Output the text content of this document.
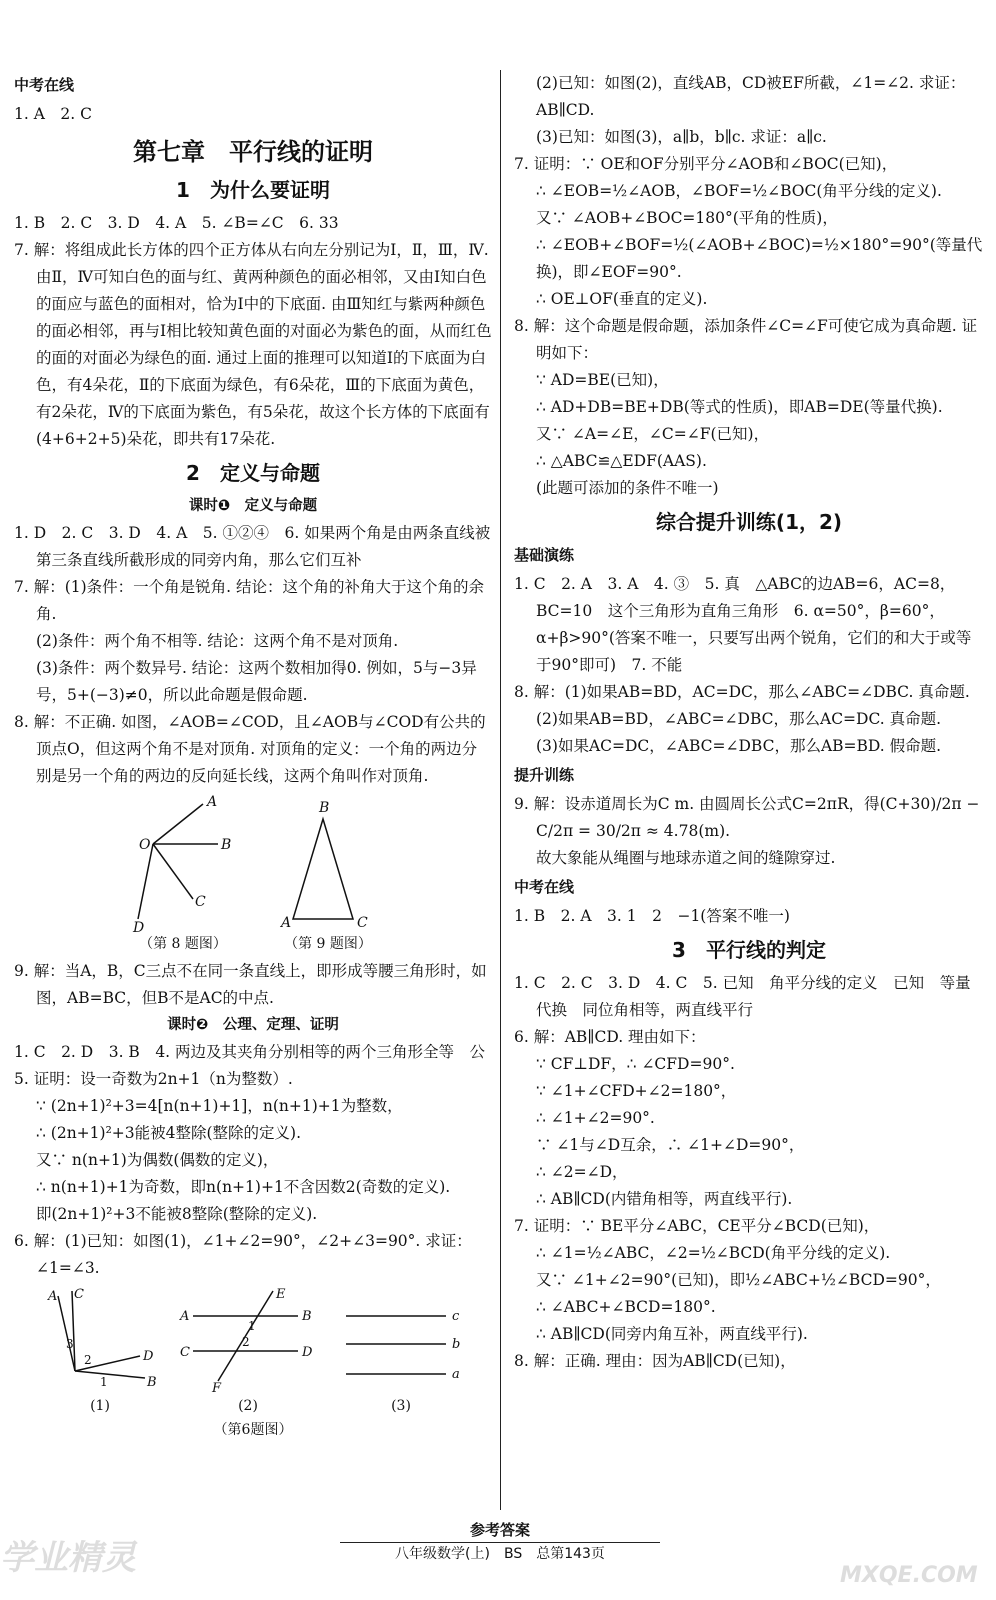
中考在线

1. A　2. C

第七章　平行线的证明
1　为什么要证明

1. B　2. C　3. D　4. A　5. ∠B=∠C　6. 33

7. 解：将组成此长方体的四个正方体从右向左分别记为Ⅰ，Ⅱ，Ⅲ，Ⅳ. 由Ⅱ，Ⅳ可知白色的面与红、黄两种颜色的面必相邻，又由Ⅰ知白色的面应与蓝色的面相对，恰为Ⅰ中的下底面. 由Ⅲ知红与紫两种颜色的面必相邻，再与Ⅰ相比较知黄色面的对面必为紫色的面，从而红色的面的对面必为绿色的面. 通过上面的推理可以知道Ⅰ的下底面为白色，有4朵花，Ⅱ的下底面为绿色，有6朵花，Ⅲ的下底面为黄色，有2朵花，Ⅳ的下底面为紫色，有5朵花，故这个长方体的下底面有(4+6+2+5)朵花，即共有17朵花.

2　定义与命题
课时❶　定义与命题

1. D　2. C　3. D　4. A　5. ①②④　6. 如果两个角是由两条直线被第三条直线所截形成的同旁内角，那么它们互补

7. 解：(1)条件：一个角是锐角. 结论：这个角的补角大于这个角的余角.

(2)条件：两个角不相等. 结论：这两个角不是对顶角.

(3)条件：两个数异号. 结论：这两个数相加得0. 例如，5与−3异号，5+(−3)≠0，所以此命题是假命题.

8. 解：不正确. 如图，∠AOB=∠COD，且∠AOB与∠COD有公共的顶点O，但这两个角不是对顶角. 对顶角的定义：一个角的两边分别是另一个角的两边的反向延长线，这两个角叫作对顶角.

A
B
O
C
D
（第 8 题图）
B
A	C
（第 9 题图）

9. 解：当A，B，C三点不在同一条直线上，即形成等腰三角形时，如图，AB=BC，但B不是AC的中点.

课时❷　公理、定理、证明

1. C　2. D　3. B　4. 两边及其夹角分别相等的两个三角形全等　公

5. 证明：设一奇数为2n+1（n为整数）.

∵ (2n+1)²+3=4[n(n+1)+1]，n(n+1)+1为整数，

∴ (2n+1)²+3能被4整除(整除的定义).

又∵ n(n+1)为偶数(偶数的定义)，

∴ n(n+1)+1为奇数，即n(n+1)+1不含因数2(奇数的定义).

即(2n+1)²+3不能被8整除(整除的定义).

6. 解：(1)已知：如图(1)，∠1+∠2=90°，∠2+∠3=90°. 求证：∠1=∠3.

A C
D
B
3
2
1
(1)
A	B
C	D
E
F
1
2
(2)
c
b
a
(3)
（第6题图）

(2)已知：如图(2)，直线AB，CD被EF所截，∠1=∠2. 求证：AB∥CD.

(3)已知：如图(3)，a∥b，b∥c. 求证：a∥c.

7. 证明：∵ OE和OF分别平分∠AOB和∠BOC(已知)，

∴ ∠EOB=½∠AOB，∠BOF=½∠BOC(角平分线的定义).

又∵ ∠AOB+∠BOC=180°(平角的性质)，

∴ ∠EOB+∠BOF=½(∠AOB+∠BOC)=½×180°=90°(等量代换)，即∠EOF=90°.

∴ OE⊥OF(垂直的定义).

8. 解：这个命题是假命题，添加条件∠C=∠F可使它成为真命题. 证明如下：

∵ AD=BE(已知)，

∴ AD+DB=BE+DB(等式的性质)，即AB=DE(等量代换).

又∵ ∠A=∠E，∠C=∠F(已知)，

∴ △ABC≌△EDF(AAS).

(此题可添加的条件不唯一)

综合提升训练(1，2)
基础演练

1. C　2. A　3. A　4. ③　5. 真　△ABC的边AB=6，AC=8，BC=10　这个三角形为直角三角形　6. α=50°，β=60°，α+β>90°(答案不唯一，只要写出两个锐角，它们的和大于或等于90°即可)　7. 不能

8. 解：(1)如果AB=BD，AC=DC，那么∠ABC=∠DBC. 真命题.

(2)如果AB=BD，∠ABC=∠DBC，那么AC=DC. 真命题.

(3)如果AC=DC，∠ABC=∠DBC，那么AB=BD. 假命题.

提升训练

9. 解：设赤道周长为C m. 由圆周长公式C=2πR，得(C+30)/2π − C/2π = 30/2π ≈ 4.78(m).

故大象能从绳圈与地球赤道之间的缝隙穿过.

中考在线

1. B　2. A　3. 1　2　−1(答案不唯一)

3　平行线的判定

1. C　2. C　3. D　4. C　5. 已知　角平分线的定义　已知　等量代换　同位角相等，两直线平行

6. 解：AB∥CD. 理由如下：

∵ CF⊥DF，∴ ∠CFD=90°.

∵ ∠1+∠CFD+∠2=180°，

∴ ∠1+∠2=90°.

∵ ∠1与∠D互余，∴ ∠1+∠D=90°，

∴ ∠2=∠D，

∴ AB∥CD(内错角相等，两直线平行).

7. 证明：∵ BE平分∠ABC，CE平分∠BCD(已知)，

∴ ∠1=½∠ABC，∠2=½∠BCD(角平分线的定义).

又∵ ∠1+∠2=90°(已知)，即½∠ABC+½∠BCD=90°，

∴ ∠ABC+∠BCD=180°.

∴ AB∥CD(同旁内角互补，两直线平行).

8. 解：正确. 理由：因为AB∥CD(已知)，

参考答案
八年级数学(上)　BS　总第143页
学业精灵	MXQE.COM
